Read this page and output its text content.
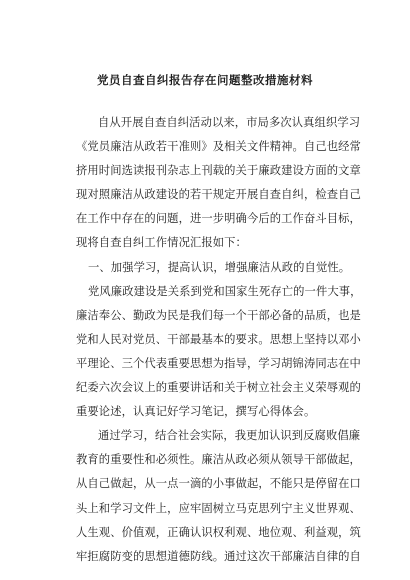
党员自查自纠报告存在问题整改措施材料
自从开展自查自纠活动以来，市局多次认真组织学习
《党员廉洁从政若干准则》及相关文件精神。自己也经常
挤用时间选读报刊杂志上刊载的关于廉政建设方面的文章
现对照廉洁从政建设的若干规定开展自查自纠，检查自己
在工作中存在的问题，进一步明确今后的工作奋斗目标，
现将自查自纠工作情况汇报如下：
一、加强学习，提高认识，增强廉洁从政的自觉性。
党风廉政建设是关系到党和国家生死存亡的一件大事，
廉洁奉公、勤政为民是我们每一个干部必备的品质，也是
党和人民对党员、干部最基本的要求。思想上坚持以邓小
平理论、三个代表重要思想为指导，学习胡锦涛同志在中
纪委六次会议上的重要讲话和关于树立社会主义荣辱观的
重要论述，认真记好学习笔记，撰写心得体会。
通过学习，结合社会实际，我更加认识到反腐败倡廉
教育的重要性和必须性。廉洁从政必须从领导干部做起，
从自己做起，从一点一滴的小事做起，不能只是停留在口
头上和学习文件上，应牢固树立马克思列宁主义世界观、
人生观、价值观，正确认识权利观、地位观、利益观，筑
牢拒腐防变的思想道德防线。通过这次干部廉洁自律的自
